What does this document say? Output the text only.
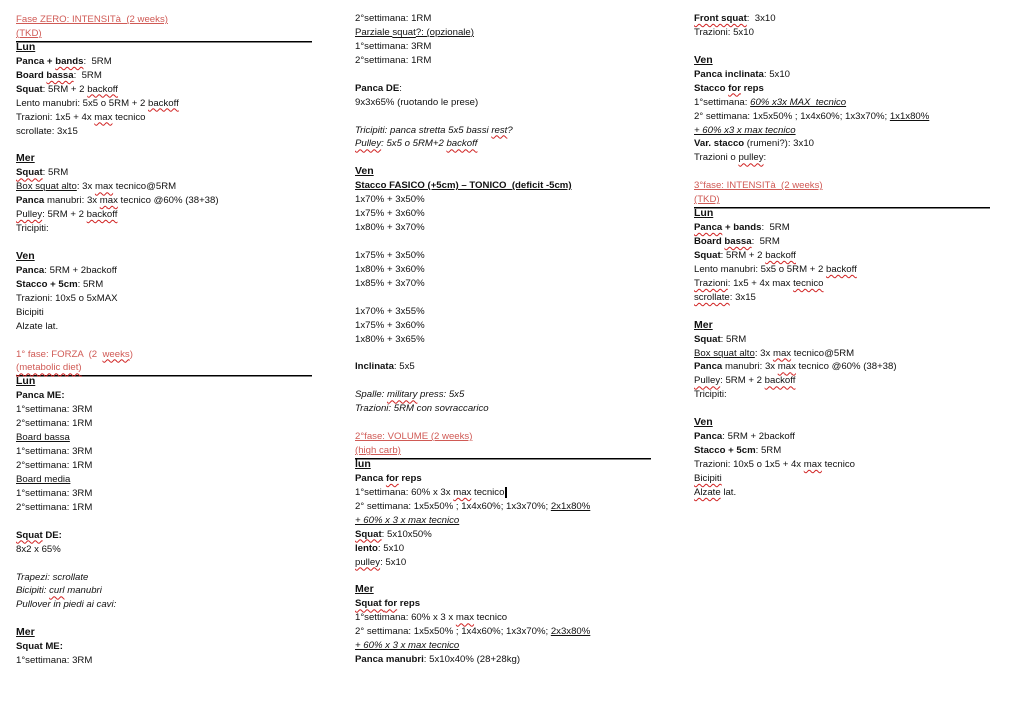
Fase ZERO: INTENSITà  (2 weeks)
(TKD)
Lun
Panca + bands:  5RM
Board bassa:  5RM
Squat: 5RM + 2 backoff
Lento manubri: 5x5 o 5RM + 2 backoff
Trazioni: 1x5 + 4x max tecnico
scrollate: 3x15
Mer
Squat: 5RM
Box squat alto: 3x max tecnico@5RM
Panca manubri: 3x max tecnico @60% (38+38)
Pulley: 5RM + 2 backoff
Tricipiti:
Ven
Panca: 5RM + 2backoff
Stacco + 5cm: 5RM
Trazioni: 10x5 o 5xMAX
Bicipiti
Alzate lat.
1° fase: FORZA  (2  weeks)
(metabolic diet)
Lun
Panca ME:
1°settimana: 3RM
2°settimana: 1RM
Board bassa
1°settimana: 3RM
2°settimana: 1RM
Board media
1°settimana: 3RM
2°settimana: 1RM
Squat DE:
8x2 x 65%
Trapezi: scrollate
Bicipiti: curl manubri
Pullover in piedi ai cavi:
Mer
Squat ME:
1°settimana: 3RM
2°settimana: 1RM
Parziale squat?: (opzionale)
1°settimana: 3RM
2°settimana: 1RM
Panca DE:
9x3x65% (ruotando le prese)
Tricipiti: panca stretta 5x5 bassi rest?
Pulley: 5x5 o 5RM+2 backoff
Ven
Stacco FASICO (+5cm) – TONICO  (deficit -5cm)
1x70% + 3x50%
1x75% + 3x60%
1x80% + 3x70%
1x75% + 3x50%
1x80% + 3x60%
1x85% + 3x70%
1x70% + 3x55%
1x75% + 3x60%
1x80% + 3x65%
Inclinata: 5x5
Spalle: military press: 5x5
Trazioni: 5RM con sovraccarico
2°fase: VOLUME (2 weeks)
(high carb)
lun
Panca for reps
1°settimana: 60% x 3x max tecnico
2° settimana: 1x5x50% ; 1x4x60%; 1x3x70%; 2x1x80%
+ 60% x 3 x max tecnico
Squat: 5x10x50%
lento: 5x10
pulley: 5x10
Mer
Squat for reps
1°settimana: 60% x 3 x max tecnico
2° settimana: 1x5x50% ; 1x4x60%; 1x3x70%; 2x3x80%
+ 60% x 3 x max tecnico
Panca manubri: 5x10x40% (28+28kg)
Front squat:  3x10
Trazioni: 5x10
Ven
Panca inclinata: 5x10
Stacco for reps
1°settimana: 60% x3x MAX  tecnico
2° settimana: 1x5x50% ; 1x4x60%; 1x3x70%; 1x1x80%
+ 60% x3 x max tecnico
Var. stacco (rumeni?): 3x10
Trazioni o pulley:
3°fase: INTENSITà  (2 weeks)
(TKD)
Lun
Panca + bands:  5RM
Board bassa:  5RM
Squat: 5RM + 2 backoff
Lento manubri: 5x5 o 5RM + 2 backoff
Trazioni: 1x5 + 4x max tecnico
scrollate: 3x15
Mer
Squat: 5RM
Box squat alto: 3x max tecnico@5RM
Panca manubri: 3x max tecnico @60% (38+38)
Pulley: 5RM + 2 backoff
Tricipiti:
Ven
Panca: 5RM + 2backoff
Stacco + 5cm: 5RM
Trazioni: 10x5 o 1x5 + 4x max tecnico
Bicipiti
Alzate lat.
